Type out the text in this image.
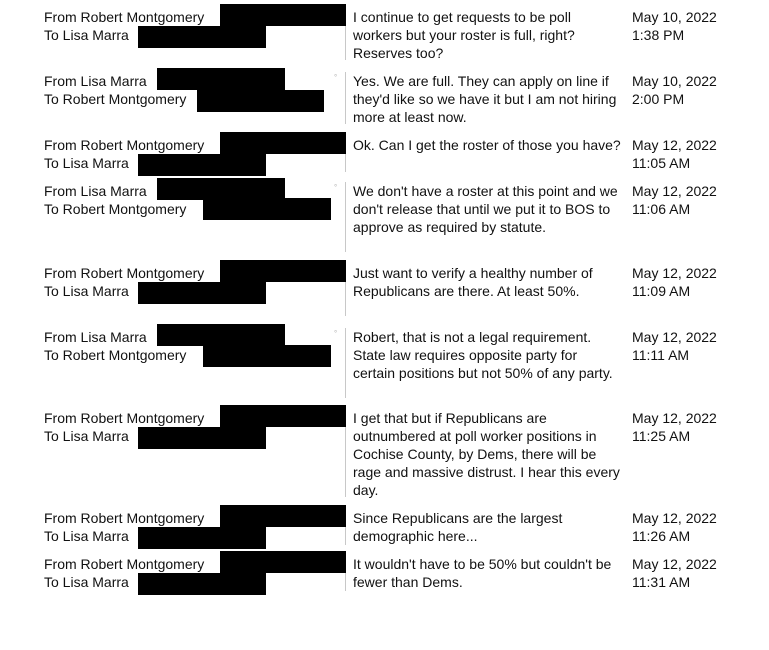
From Robert Montgomery
To Lisa Marra
I continue to get requests to be poll workers but your roster is full, right? Reserves too?
May 10, 2022
1:38 PM
From Lisa Marra
To Robert Montgomery
° Yes. We are full. They can apply on line if they'd like so we have it but I am not hiring more at least now.
May 10, 2022
2:00 PM
From Robert Montgomery
To Lisa Marra
Ok. Can I get the roster of those you have? May 12, 2022
11:05 AM
From Lisa Marra
To Robert Montgomery
° We don't have a roster at this point and we don't release that until we put it to BOS to approve as required by statute.
May 12, 2022
11:06 AM
From Robert Montgomery
To Lisa Marra
Just want to verify a healthy number of Republicans are there. At least 50%.
May 12, 2022
11:09 AM
From Lisa Marra
To Robert Montgomery
° Robert, that is not a legal requirement. State law requires opposite party for certain positions but not 50% of any party.
May 12, 2022
11:11 AM
From Robert Montgomery
To Lisa Marra
I get that but if Republicans are outnumbered at poll worker positions in Cochise County, by Dems, there will be rage and massive distrust. I hear this every day.
May 12, 2022
11:25 AM
From Robert Montgomery
To Lisa Marra
Since Republicans are the largest demographic here...
May 12, 2022
11:26 AM
From Robert Montgomery
To Lisa Marra
It wouldn't have to be 50% but couldn't be fewer than Dems.
May 12, 2022
11:31 AM
